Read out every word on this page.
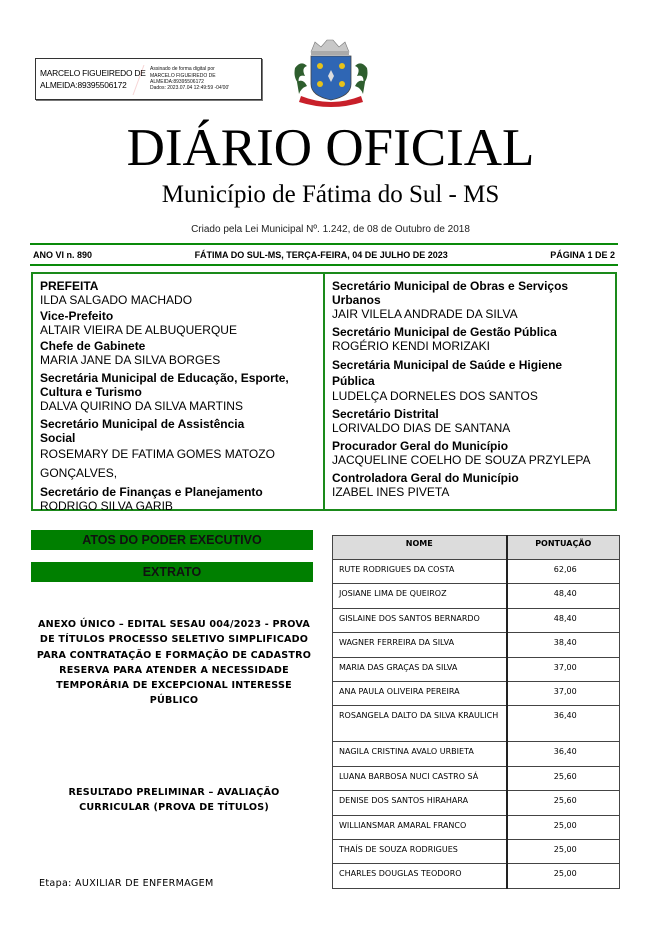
MARCELO FIGUEIREDO DE ALMEIDA:89395506172
Assinado de forma digital por
MARCELO FIGUEIREDO DE
ALMEIDA:89395506172
Dados: 2023.07.04 12:49:59 -04'00'
DIÁRIO OFICIAL
Município de Fátima do Sul - MS
Criado pela Lei Municipal Nº. 1.242, de 08 de Outubro de 2018
ANO VI n. 890	FÁTIMA DO SUL-MS, TERÇA-FEIRA, 04 DE JULHO DE 2023	PÁGINA 1 DE 2
PREFEITA
ILDA SALGADO MACHADO
Vice-Prefeito
ALTAIR VIEIRA DE ALBUQUERQUE
Chefe de Gabinete
MARIA JANE DA SILVA BORGES
Secretária Municipal de Educação, Esporte, Cultura e Turismo
DALVA QUIRINO DA SILVA MARTINS
Secretário Municipal de Assistência Social
ROSEMARY DE FATIMA GOMES MATOZO GONÇALVES,
Secretário de Finanças e Planejamento
RODRIGO SILVA GARIB
Secretário Municipal de Obras e Serviços Urbanos
JAIR VILELA ANDRADE DA SILVA
Secretário Municipal de Gestão Pública
ROGÉRIO KENDI MORIZAKI
Secretária Municipal de Saúde e Higiene Pública
LUDELÇA DORNELES DOS SANTOS
Secretário Distrital
LORIVALDO DIAS DE SANTANA
Procurador Geral do Município
JACQUELINE COELHO DE SOUZA PRZYLEPA
Controladora Geral do Município
IZABEL INES PIVETA
ATOS DO PODER EXECUTIVO
EXTRATO
ANEXO ÚNICO – EDITAL SESAU 004/2023 - PROVA DE TÍTULOS PROCESSO SELETIVO SIMPLIFICADO PARA CONTRATAÇÃO E FORMAÇÃO DE CADASTRO RESERVA PARA ATENDER A NECESSIDADE TEMPORÁRIA DE EXCEPCIONAL INTERESSE PÚBLICO
RESULTADO PRELIMINAR – AVALIAÇÃO CURRICULAR (PROVA DE TÍTULOS)
Etapa: AUXILIAR DE ENFERMAGEM
NOME	PONTUAÇÃO
RUTE RODRIGUES DA COSTA	62,06
JOSIANE LIMA DE QUEIROZ	48,40
GISLAINE DOS SANTOS BERNARDO	48,40
WAGNER FERREIRA DA SILVA	38,40
MARIA DAS GRAÇAS DA SILVA	37,00
ANA PAULA OLIVEIRA PEREIRA	37,00
ROSANGELA DALTO DA SILVA KRAULICH	36,40
NAGILA CRISTINA AVALO URBIETA	36,40
LUANA BARBOSA NUCI CASTRO SÁ	25,60
DENISE DOS SANTOS HIRAHARA	25,60
WILLIANSMAR AMARAL FRANCO	25,00
THAÍS DE SOUZA RODRIGUES	25,00
CHARLES DOUGLAS TEODORO	25,00
